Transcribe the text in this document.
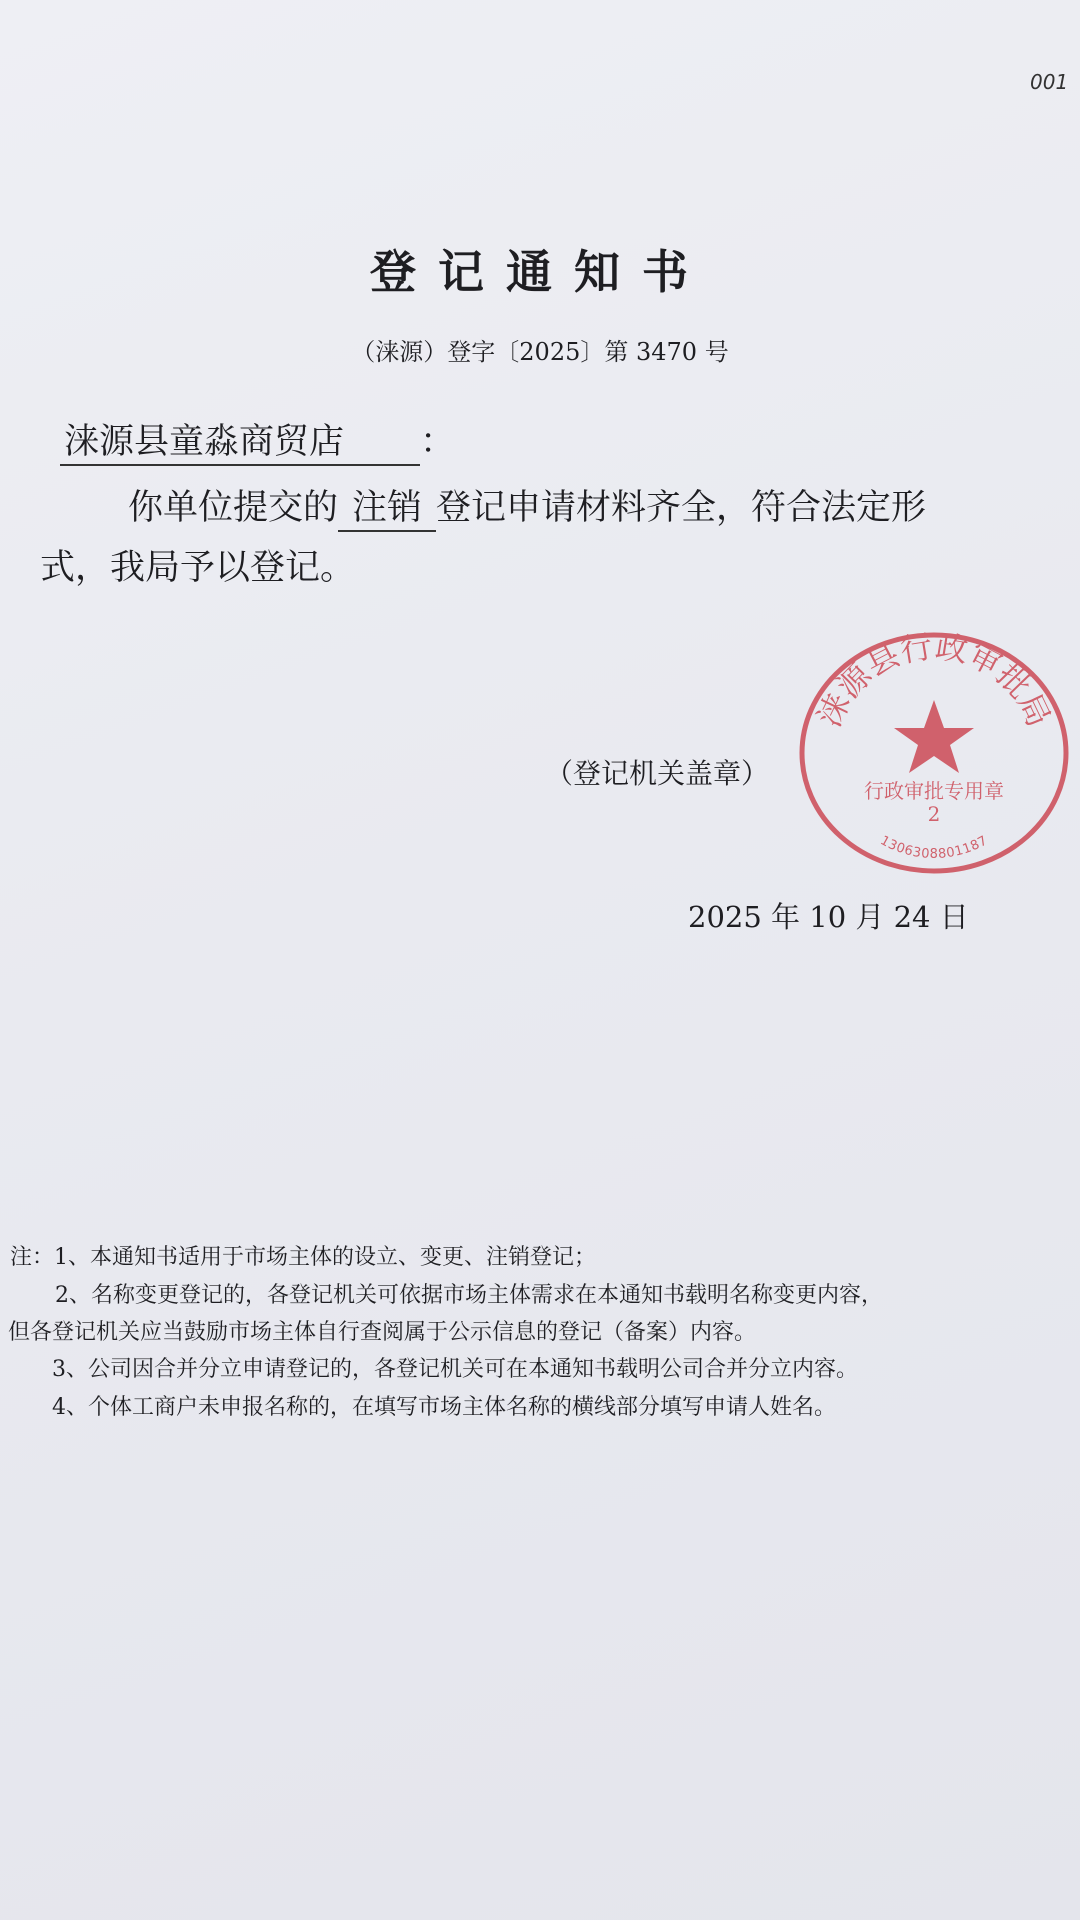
001
登记通知书
（涞源）登字〔2025〕第 3470 号
涞源县童淼商贸店 ：
你单位提交的 注销 登记申请材料齐全，符合法定形
式，我局予以登记。
（登记机关盖章）
涞源县行政审批局
行政审批专用章
2
1306308801187
2025 年 10 月 24 日
注：1、本通知书适用于市场主体的设立、变更、注销登记；
2、名称变更登记的，各登记机关可依据市场主体需求在本通知书载明名称变更内容，
但各登记机关应当鼓励市场主体自行查阅属于公示信息的登记（备案）内容。
3、公司因合并分立申请登记的，各登记机关可在本通知书载明公司合并分立内容。
4、个体工商户未申报名称的，在填写市场主体名称的横线部分填写申请人姓名。
